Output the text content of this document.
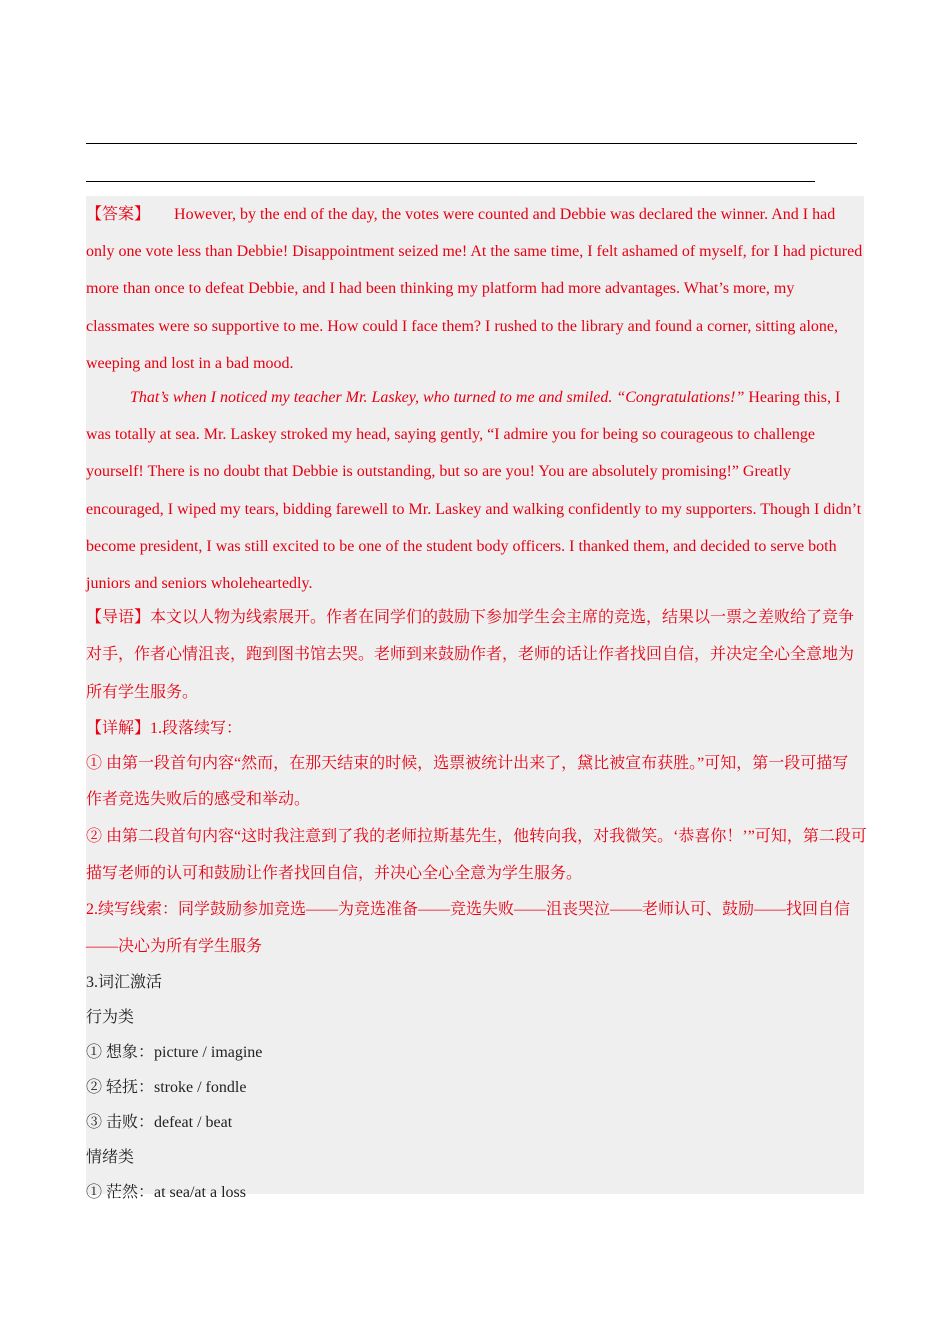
【答案】 However, by the end of the day, the votes were counted and Debbie was declared the winner. And I had only one vote less than Debbie! Disappointment seized me! At the same time, I felt ashamed of myself, for I had pictured more than once to defeat Debbie, and I had been thinking my platform had more advantages. What’s more, my classmates were so supportive to me. How could I face them? I rushed to the library and found a corner, sitting alone, weeping and lost in a bad mood.

That’s when I noticed my teacher Mr. Laskey, who turned to me and smiled. “Congratulations!” Hearing this, I was totally at sea. Mr. Laskey stroked my head, saying gently, “I admire you for being so courageous to challenge yourself! There is no doubt that Debbie is outstanding, but so are you! You are absolutely promising!” Greatly encouraged, I wiped my tears, bidding farewell to Mr. Laskey and walking confidently to my supporters. Though I didn’t become president, I was still excited to be one of the student body officers. I thanked them, and decided to serve both juniors and seniors wholeheartedly.

【导语】本文以人物为线索展开。作者在同学们的鼓励下参加学生会主席的竞选，结果以一票之差败给了竞争对手，作者心情沮丧，跑到图书馆去哭。老师到来鼓励作者，老师的话让作者找回自信，并决定全心全意地为所有学生服务。

【详解】1.段落续写：

① 由第一段首句内容“然而，在那天结束的时候，选票被统计出来了，黛比被宣布获胜。”可知，第一段可描写作者竞选失败后的感受和举动。

② 由第二段首句内容“这时我注意到了我的老师拉斯基先生，他转向我，对我微笑。‘恭喜你！’”可知，第二段可描写老师的认可和鼓励让作者找回自信，并决心全心全意为学生服务。

2.续写线索：同学鼓励参加竞选——为竞选准备——竞选失败——沮丧哭泣——老师认可、鼓励——找回自信——决心为所有学生服务

3.词汇激活

行为类

① 想象：picture / imagine

② 轻抚：stroke / fondle

③ 击败：defeat / beat

情绪类

① 茫然：at sea/at a loss
